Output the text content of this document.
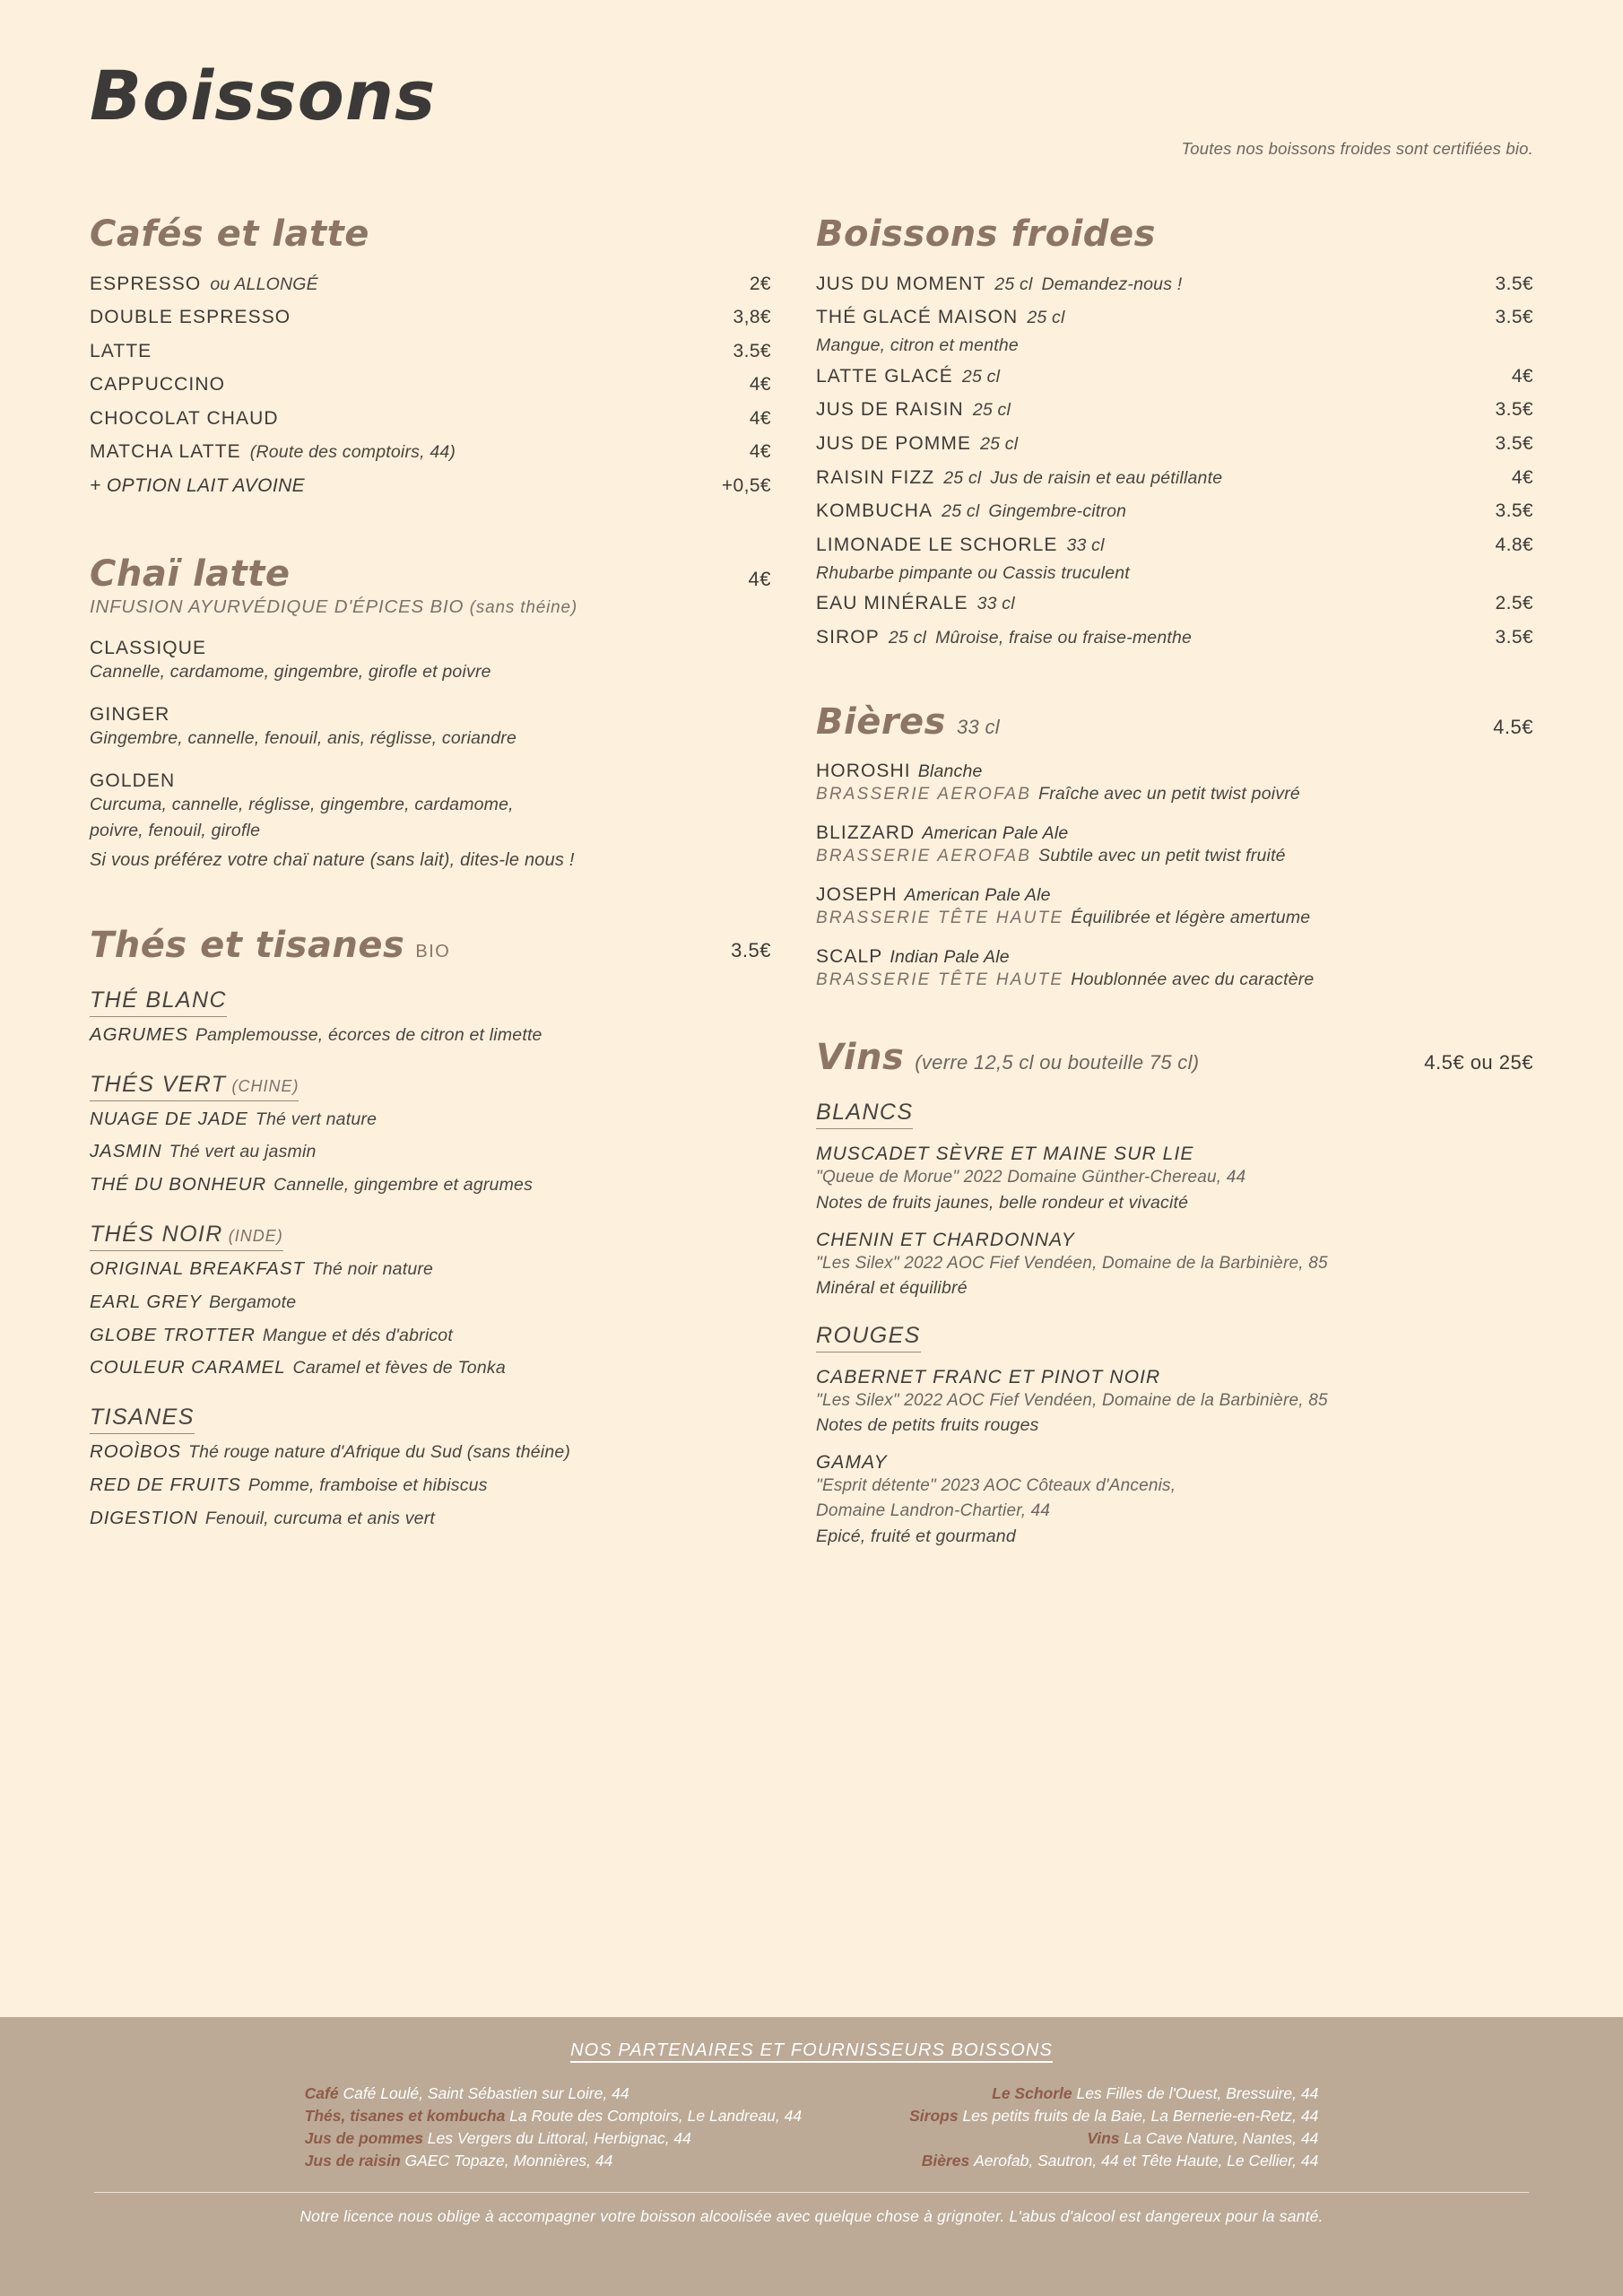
Boissons
Toutes nos boissons froides sont certifiées bio.
Cafés et latte
ESPRESSO ou ALLONGÉ	2€
DOUBLE ESPRESSO	3,8€
LATTE	3.5€
CAPPUCCINO	4€
CHOCOLAT CHAUD	4€
MATCHA LATTE (Route des comptoirs, 44)	4€
+ OPTION LAIT AVOINE	+0,5€
Chaï latte	4€
INFUSION AYURVÉDIQUE D'ÉPICES BIO (sans théine)
CLASSIQUE
Cannelle, cardamome, gingembre, girofle et poivre
GINGER
Gingembre, cannelle, fenouil, anis, réglisse, coriandre
GOLDEN
Curcuma, cannelle, réglisse, gingembre, cardamome,
poivre, fenouil, girofle
Si vous préférez votre chaï nature (sans lait), dites-le nous !
Thés et tisanes BIO	3.5€
THÉ BLANC
AGRUMES Pamplemousse, écorces de citron et limette
THÉS VERT (CHINE)
NUAGE DE JADE Thé vert nature
JASMIN Thé vert au jasmin
THÉ DU BONHEUR Cannelle, gingembre et agrumes
THÉS NOIR (INDE)
ORIGINAL BREAKFAST Thé noir nature
EARL GREY Bergamote
GLOBE TROTTER Mangue et dés d'abricot
COULEUR CARAMEL Caramel et fèves de Tonka
TISANES
ROOÌBOS Thé rouge nature d'Afrique du Sud (sans théine)
RED DE FRUITS Pomme, framboise et hibiscus
DIGESTION Fenouil, curcuma et anis vert
Boissons froides
JUS DU MOMENT 25 cl Demandez-nous !	3.5€
THÉ GLACÉ MAISON 25 cl	3.5€
Mangue, citron et menthe
LATTE GLACÉ 25 cl	4€
JUS DE RAISIN 25 cl	3.5€
JUS DE POMME 25 cl	3.5€
RAISIN FIZZ 25 cl Jus de raisin et eau pétillante	4€
KOMBUCHA 25 cl Gingembre-citron	3.5€
LIMONADE LE SCHORLE 33 cl	4.8€
Rhubarbe pimpante ou Cassis truculent
EAU MINÉRALE 33 cl	2.5€
SIROP 25 cl Mûroise, fraise ou fraise-menthe	3.5€
Bières 33 cl	4.5€
HOROSHI Blanche
BRASSERIE AEROFAB Fraîche avec un petit twist poivré
BLIZZARD American Pale Ale
BRASSERIE AEROFAB Subtile avec un petit twist fruité
JOSEPH American Pale Ale
BRASSERIE TÊTE HAUTE Équilibrée et légère amertume
SCALP Indian Pale Ale
BRASSERIE TÊTE HAUTE Houblonnée avec du caractère
Vins (verre 12,5 cl ou bouteille 75 cl)	4.5€ ou 25€
BLANCS
MUSCADET SÈVRE ET MAINE SUR LIE
"Queue de Morue" 2022 Domaine Günther-Chereau, 44
Notes de fruits jaunes, belle rondeur et vivacité
CHENIN ET CHARDONNAY
"Les Silex" 2022 AOC Fief Vendéen, Domaine de la Barbinière, 85
Minéral et équilibré
ROUGES
CABERNET FRANC ET PINOT NOIR
"Les Silex" 2022 AOC Fief Vendéen, Domaine de la Barbinière, 85
Notes de petits fruits rouges
GAMAY
"Esprit détente" 2023 AOC Côteaux d'Ancenis,
Domaine Landron-Chartier, 44
Epicé, fruité et gourmand
NOS PARTENAIRES ET FOURNISSEURS BOISSONS
Café Café Loulé, Saint Sébastien sur Loire, 44
Thés, tisanes et kombucha La Route des Comptoirs, Le Landreau, 44
Jus de pommes Les Vergers du Littoral, Herbignac, 44
Jus de raisin GAEC Topaze, Monnières, 44
Le Schorle Les Filles de l'Ouest, Bressuire, 44
Sirops Les petits fruits de la Baie, La Bernerie-en-Retz, 44
Vins La Cave Nature, Nantes, 44
Bières Aerofab, Sautron, 44 et Tête Haute, Le Cellier, 44
Notre licence nous oblige à accompagner votre boisson alcoolisée avec quelque chose à grignoter. L'abus d'alcool est dangereux pour la santé.
